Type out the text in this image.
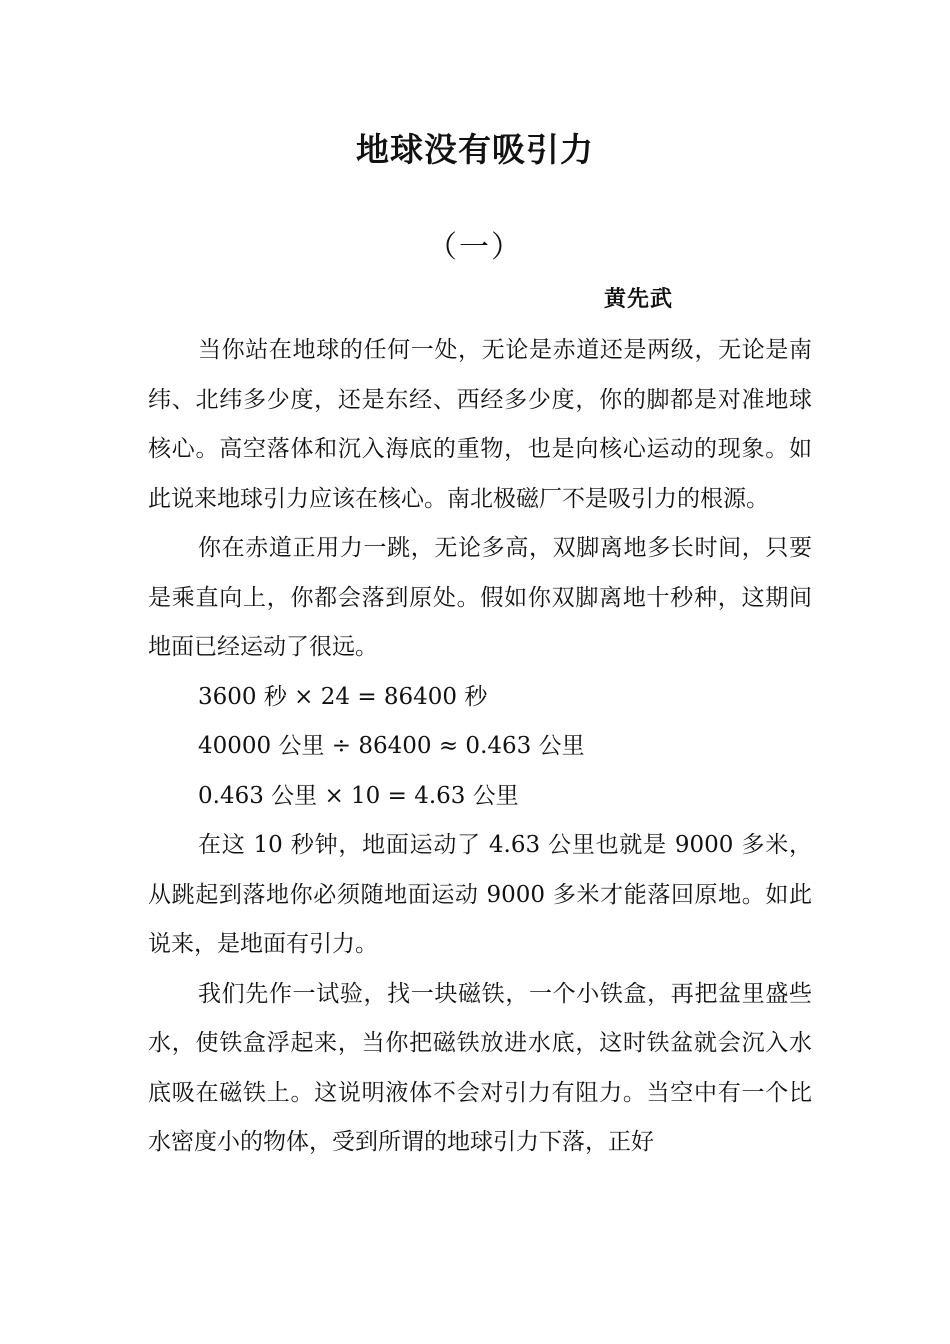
地球没有吸引力
（一）
黄先武

当你站在地球的任何一处，无论是赤道还是两级，无论是南纬、北纬多少度，还是东经、西经多少度，你的脚都是对准地球核心。高空落体和沉入海底的重物，也是向核心运动的现象。如此说来地球引力应该在核心。南北极磁厂不是吸引力的根源。

你在赤道正用力一跳，无论多高，双脚离地多长时间，只要是乘直向上，你都会落到原处。假如你双脚离地十秒种，这期间地面已经运动了很远。

3600 秒 × 24 = 86400 秒

40000 公里 ÷ 86400 ≈ 0.463 公里

0.463 公里 × 10 = 4.63 公里

在这 10 秒钟，地面运动了 4.63 公里也就是 9000 多米，从跳起到落地你必须随地面运动 9000 多米才能落回原地。如此说来，是地面有引力。

我们先作一试验，找一块磁铁，一个小铁盒，再把盆里盛些水，使铁盒浮起来，当你把磁铁放进水底，这时铁盆就会沉入水底吸在磁铁上。这说明液体不会对引力有阻力。当空中有一个比水密度小的物体，受到所谓的地球引力下落，正好
